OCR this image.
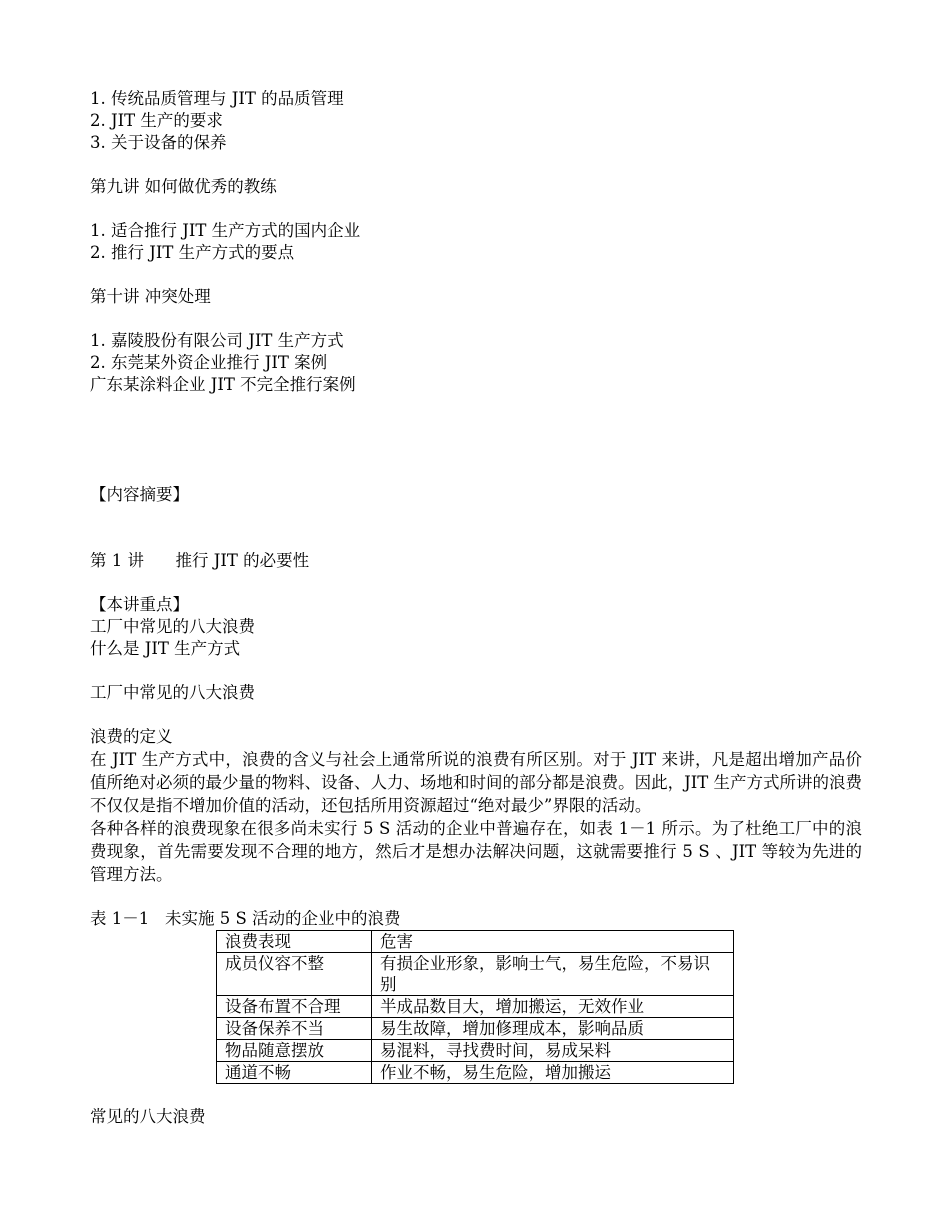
1. 传统品质管理与 JIT 的品质管理
2. JIT 生产的要求
3. 关于设备的保养
第九讲 如何做优秀的教练
1. 适合推行 JIT 生产方式的国内企业
2. 推行 JIT 生产方式的要点
第十讲 冲突处理
1. 嘉陵股份有限公司 JIT 生产方式
2. 东莞某外资企业推行 JIT 案例
广东某涂料企业 JIT 不完全推行案例
【内容摘要】
第 1 讲      推行 JIT 的必要性
【本讲重点】
工厂中常见的八大浪费
什么是 JIT 生产方式
工厂中常见的八大浪费
浪费的定义

在 JIT 生产方式中，浪费的含义与社会上通常所说的浪费有所区别。对于 JIT 来讲，凡是超出增加产品价值所绝对必须的最少量的物料、设备、人力、场地和时间的部分都是浪费。因此，JIT 生产方式所讲的浪费不仅仅是指不增加价值的活动，还包括所用资源超过“绝对最少”界限的活动。

各种各样的浪费现象在很多尚未实行 5 S 活动的企业中普遍存在，如表 1－1 所示。为了杜绝工厂中的浪费现象，首先需要发现不合理的地方，然后才是想办法解决问题，这就需要推行 5 S 、JIT 等较为先进的管理方法。

表 1－1   未实施 5 S 活动的企业中的浪费
浪费表现	危害
成员仪容不整	有损企业形象，影响士气，易生危险，不易识别
设备布置不合理	半成品数目大，增加搬运，无效作业
设备保养不当	易生故障，增加修理成本，影响品质
物品随意摆放	易混料，寻找费时间，易成呆料
通道不畅	作业不畅，易生危险，增加搬运
常见的八大浪费
